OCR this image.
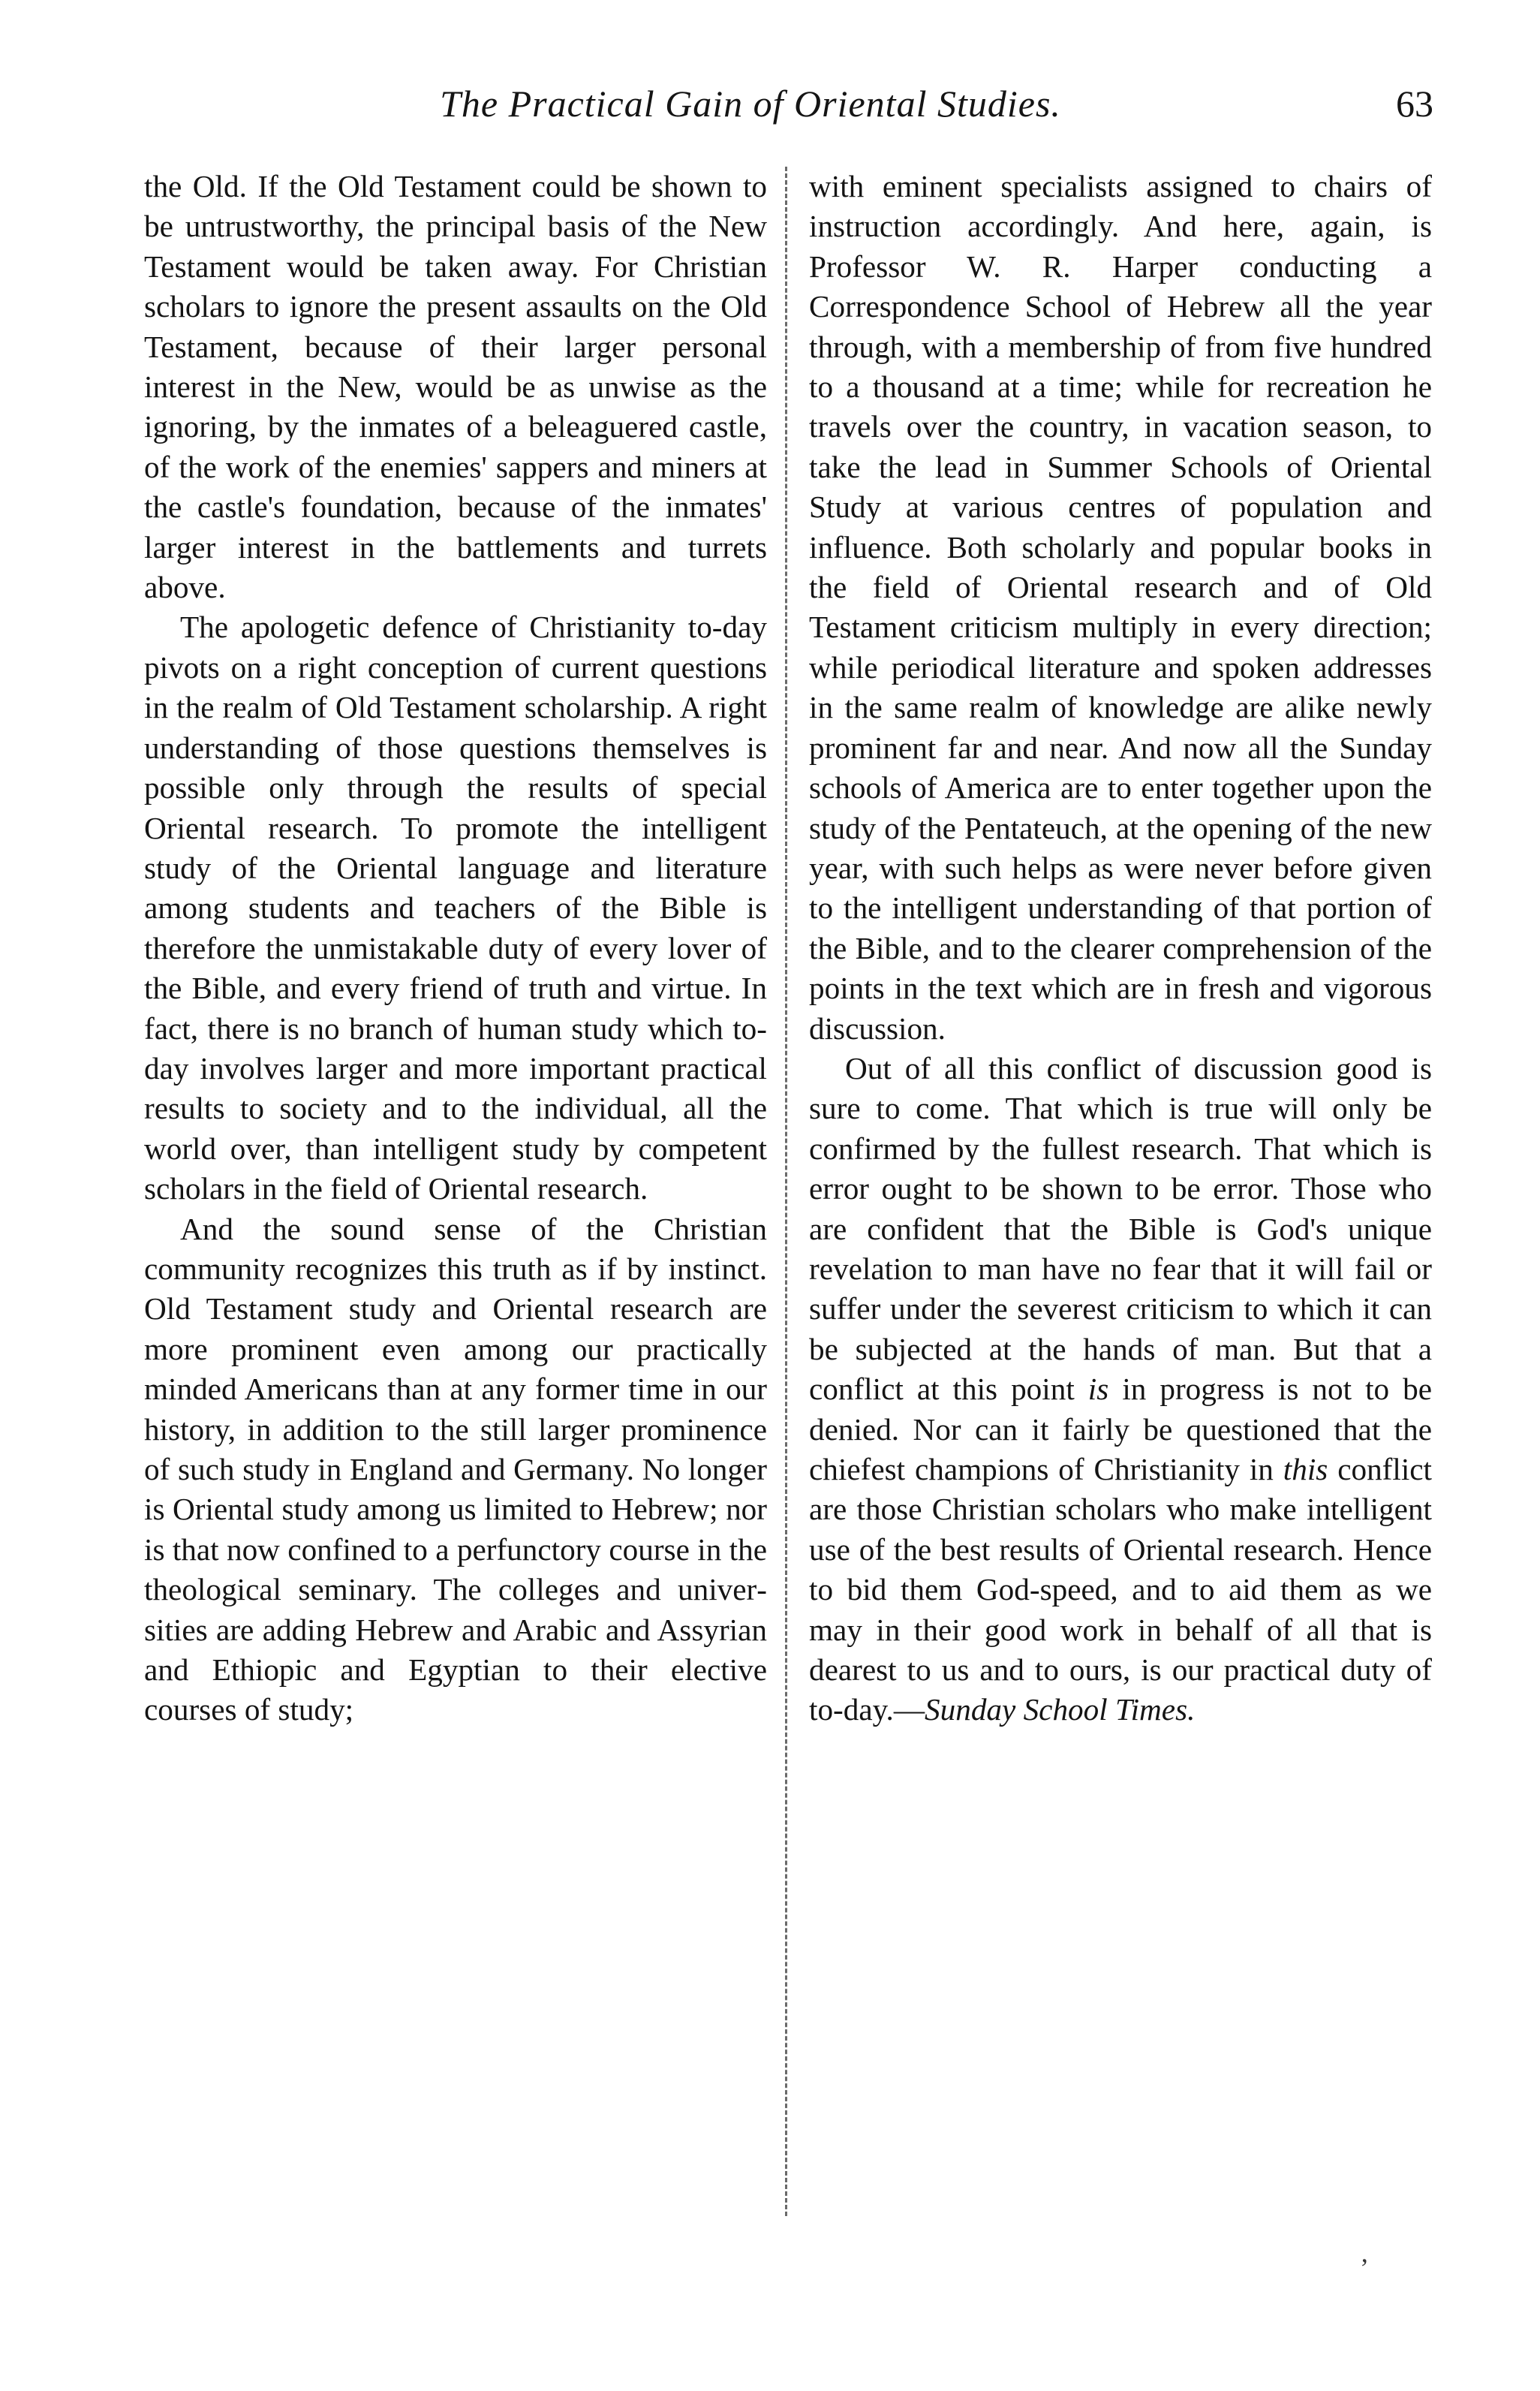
The Practical Gain of Oriental Studies.	63

the Old. If the Old Testament could be shown to be untrustworthy, the principal basis of the New Testament would be taken away. For Christian scholars to ignore the present assaults on the Old Testament, because of their larger personal interest in the New, would be as unwise as the ignoring, by the inmates of a beleaguered castle, of the work of the enemies' sappers and miners at the castle's foundation, because of the inmates' larger interest in the battlements and turrets above.

The apologetic defence of Christianity to-day pivots on a right conception of current questions in the realm of Old Testament scholarship. A right understanding of those questions themselves is possible only through the results of special Oriental research. To promote the intelligent study of the Oriental language and literature among students and teachers of the Bible is therefore the unmistakable duty of every lover of the Bible, and every friend of truth and virtue. In fact, there is no branch of human study which to-day involves larger and more important practical results to society and to the individual, all the world over, than intelligent study by competent scholars in the field of Oriental research.

And the sound sense of the Christian community recognizes this truth as if by instinct. Old Testament study and Oriental research are more prominent even among our practically minded Americans than at any former time in our history, in addition to the still larger prominence of such study in England and Germany. No longer is Oriental study among us limited to Hebrew; nor is that now confined to a perfunctory course in the theological seminary. The colleges and universities are adding Hebrew and Arabic and Assyrian and Ethiopic and Egyptian to their elective courses of study;

with eminent specialists assigned to chairs of instruction accordingly. And here, again, is Professor W. R. Harper conducting a Correspondence School of Hebrew all the year through, with a membership of from five hundred to a thousand at a time; while for recreation he travels over the country, in vacation season, to take the lead in Summer Schools of Oriental Study at various centres of population and influence. Both scholarly and popular books in the field of Oriental research and of Old Testament criticism multiply in every direction; while periodical literature and spoken addresses in the same realm of knowledge are alike newly prominent far and near. And now all the Sunday schools of America are to enter together upon the study of the Pentateuch, at the opening of the new year, with such helps as were never before given to the intelligent understanding of that portion of the Bible, and to the clearer comprehension of the points in the text which are in fresh and vigorous discussion.

Out of all this conflict of discussion good is sure to come. That which is true will only be confirmed by the fullest research. That which is error ought to be shown to be error. Those who are confident that the Bible is God's unique revelation to man have no fear that it will fail or suffer under the severest criticism to which it can be subjected at the hands of man. But that a conflict at this point is in progress is not to be denied. Nor can it fairly be questioned that the chiefest champions of Christianity in this conflict are those Christian scholars who make intelligent use of the best results of Oriental research. Hence to bid them God-speed, and to aid them as we may in their good work in behalf of all that is dearest to us and to ours, is our practical duty of to-day.—Sunday School Times.

’
